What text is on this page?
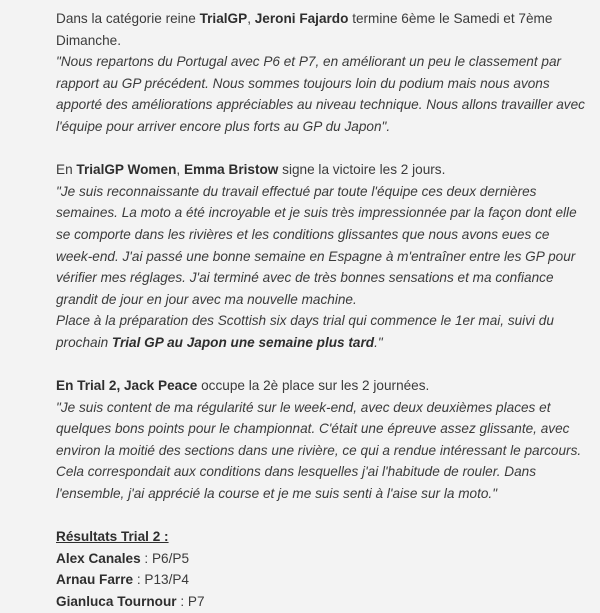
Dans la catégorie reine TrialGP, Jeroni Fajardo termine 6ème le Samedi et 7ème Dimanche.

"Nous repartons du Portugal avec P6 et P7, en améliorant un peu le classement par rapport au GP précédent. Nous sommes toujours loin du podium mais nous avons apporté des améliorations appréciables au niveau technique. Nous allons travailler avec l'équipe pour arriver encore plus forts au GP du Japon".

En TrialGP Women, Emma Bristow signe la victoire les 2 jours.

"Je suis reconnaissante du travail effectué par toute l'équipe ces deux dernières semaines. La moto a été incroyable et je suis très impressionnée par la façon dont elle se comporte dans les rivières et les conditions glissantes que nous avons eues ce week-end. J'ai passé une bonne semaine en Espagne à m'entraîner entre les GP pour vérifier mes réglages. J'ai terminé avec de très bonnes sensations et ma confiance grandit de jour en jour avec ma nouvelle machine.

Place à la préparation des Scottish six days trial qui commence le 1er mai, suivi du prochain Trial GP au Japon une semaine plus tard."

En Trial 2, Jack Peace occupe la 2è place sur les 2 journées.

"Je suis content de ma régularité sur le week-end, avec deux deuxièmes places et quelques bons points pour le championnat. C'était une épreuve assez glissante, avec environ la moitié des sections dans une rivière, ce qui a rendue intéressant le parcours. Cela correspondait aux conditions dans lesquelles j'ai l'habitude de rouler. Dans l'ensemble, j'ai apprécié la course et je me suis senti à l'aise sur la moto."

Résultats Trial 2 :

Alex Canales : P6/P5

Arnau Farre : P13/P4

Gianluca Tournour : P7
